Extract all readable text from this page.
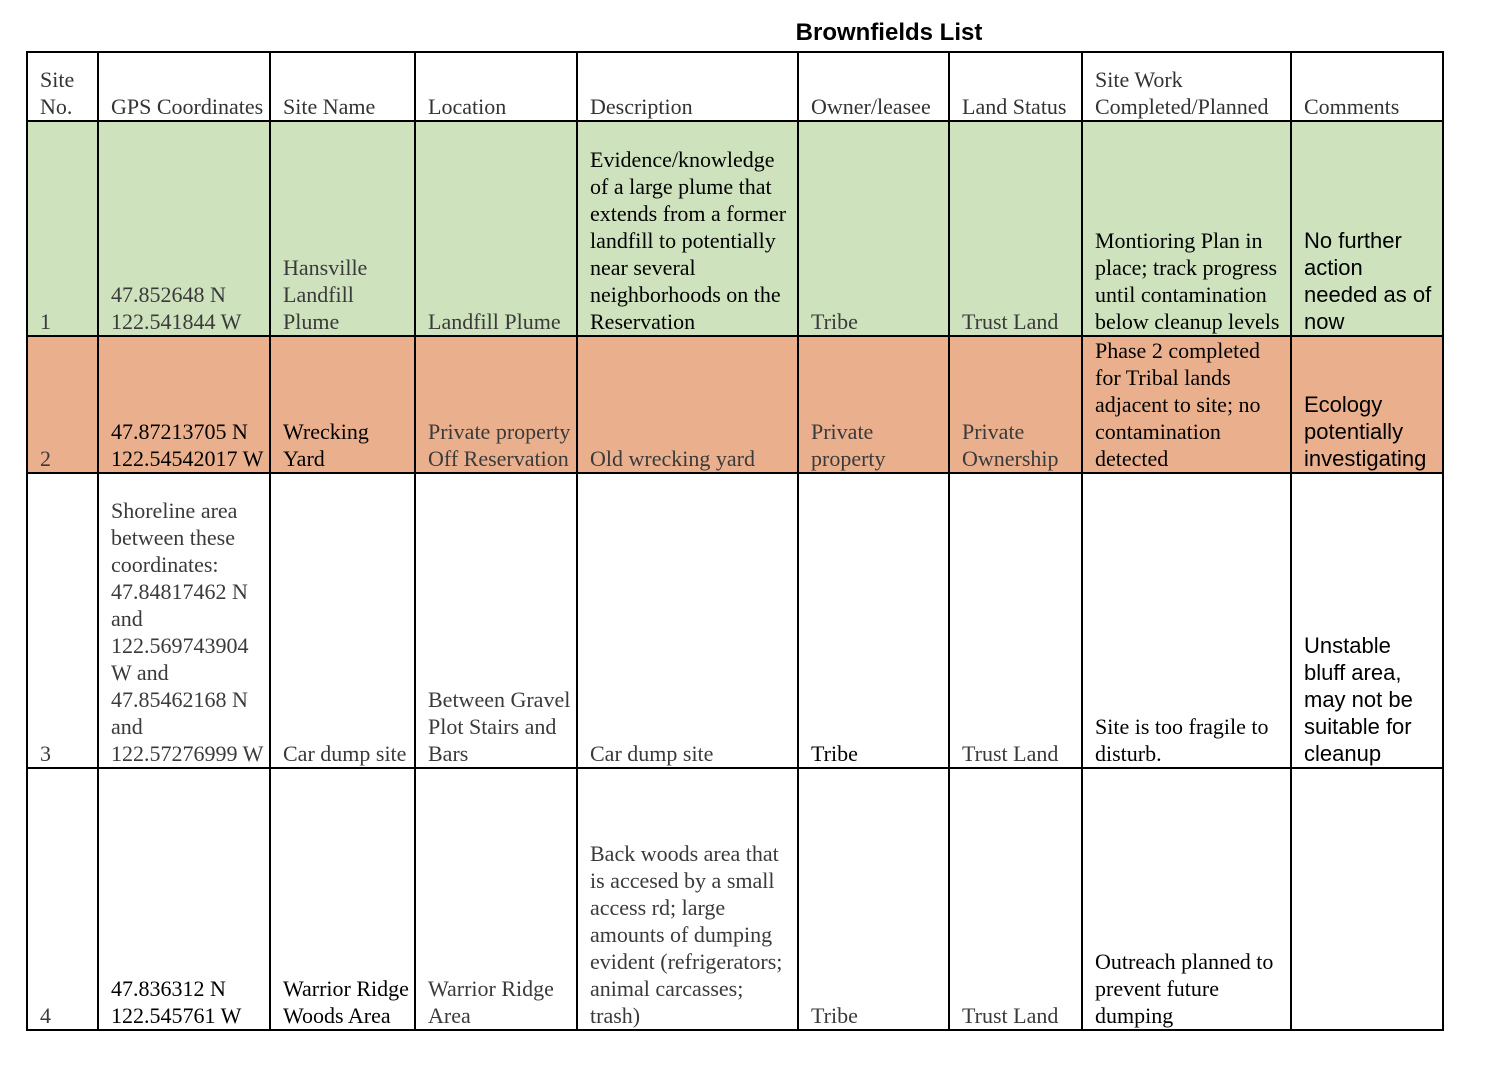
Brownfields List
Site No.	GPS Coordinates	Site Name	Location	Description	Owner/leasee	Land Status	Site Work Completed/Planned	Comments
1	47.852648 N 122.541844 W	Hansville Landfill Plume	Landfill Plume	Evidence/knowledge of a large plume that extends from a former landfill to potentially near several neighborhoods on the Reservation	Tribe	Trust Land	Montioring Plan in place; track progress until contamination below cleanup levels	No further action needed as of now
2	47.87213705 N 122.54542017 W	Wrecking Yard	Private property Off Reservation	Old wrecking yard	Private property	Private Ownership	Phase 2 completed for Tribal lands adjacent to site; no contamination detected	Ecology potentially investigating
3	Shoreline area between these coordinates: 47.84817462 N and 122.569743904 W and 47.85462168 N and 122.57276999 W	Car dump site	Between Gravel Plot Stairs and Bars	Car dump site	Tribe	Trust Land	Site is too fragile to disturb.	Unstable bluff area, may not be suitable for cleanup
4	47.836312 N 122.545761 W	Warrior Ridge Woods Area	Warrior Ridge Area	Back woods area that is accesed by a small access rd; large amounts of dumping evident (refrigerators; animal carcasses; trash)	Tribe	Trust Land	Outreach planned to prevent future dumping	
